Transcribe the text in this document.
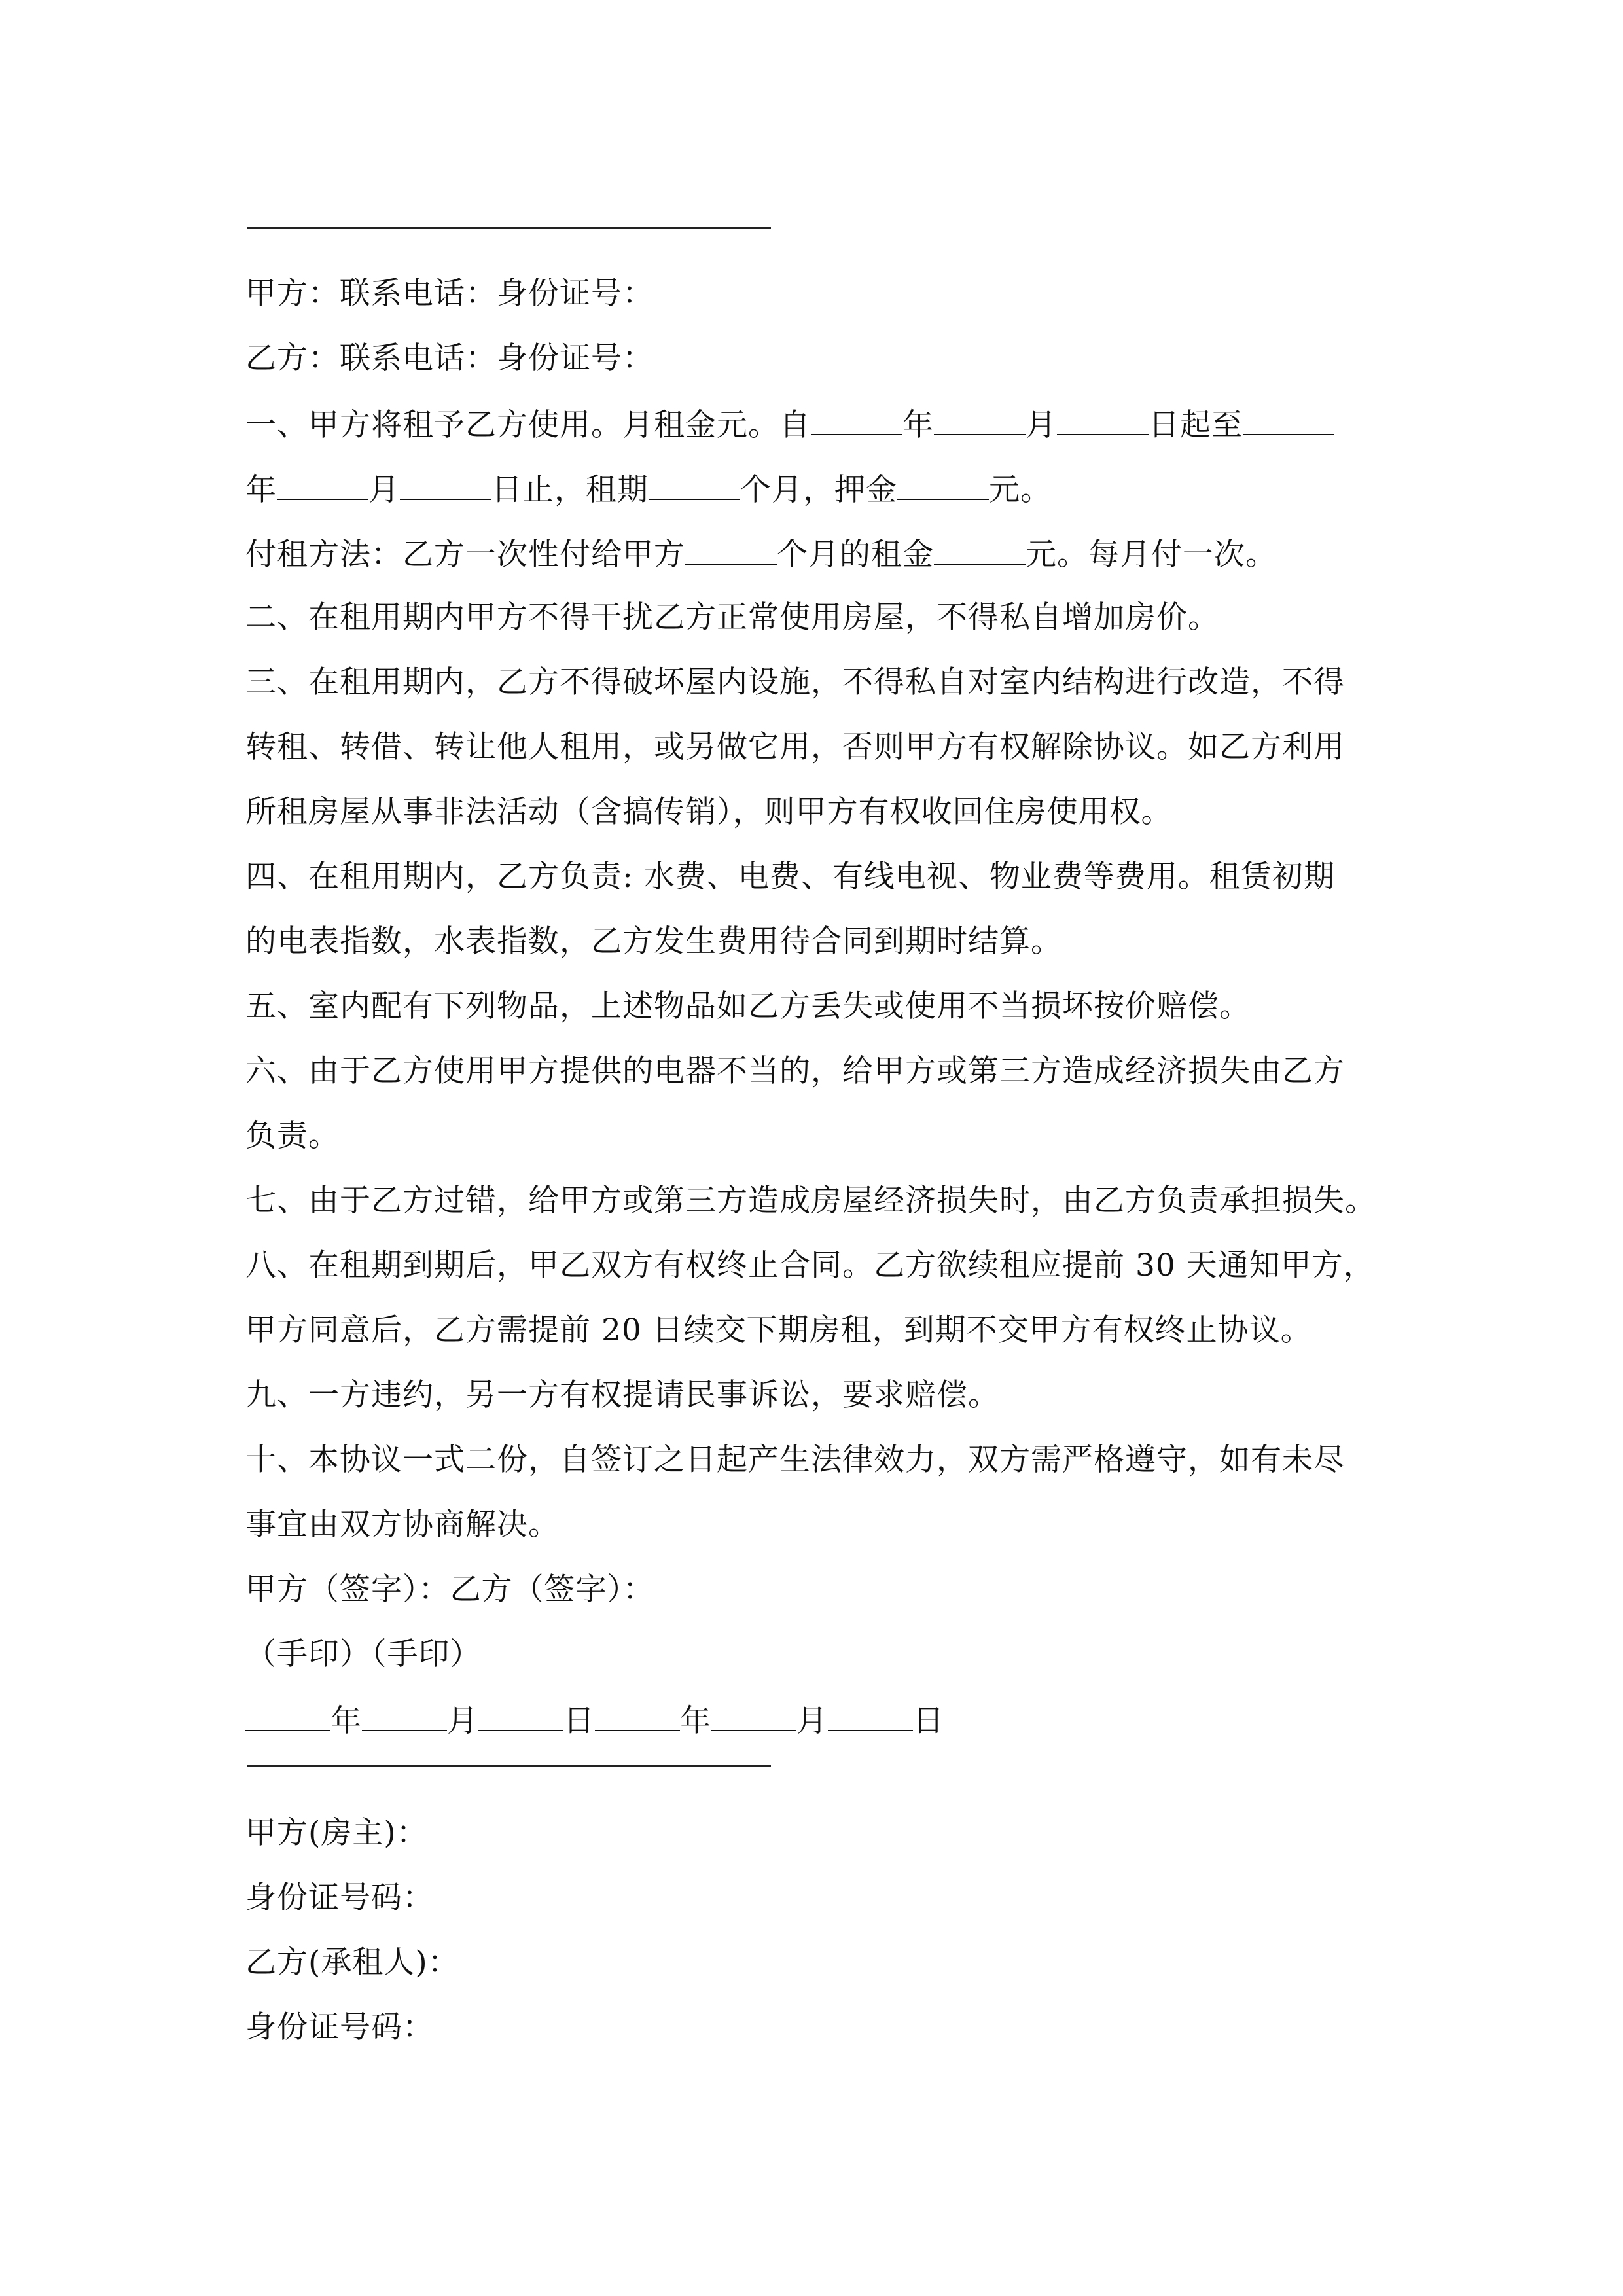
甲方：联系电话：身份证号：
乙方：联系电话：身份证号：
一、甲方将租予乙方使用。月租金元。自	年	月	日起至
年	月	日止，租期	个月，押金	元。
付租方法：乙方一次性付给甲方	个月的租金	元。每月付一次。
二、在租用期内甲方不得干扰乙方正常使用房屋，不得私自增加房价。
三、在租用期内，乙方不得破坏屋内设施，不得私自对室内结构进行改造，不得
转租、转借、转让他人租用，或另做它用，否则甲方有权解除协议。如乙方利用
所租房屋从事非法活动（含搞传销），则甲方有权收回住房使用权。
四、在租用期内，乙方负责: 水费、电费、有线电视、物业费等费用。租赁初期
的电表指数，水表指数，乙方发生费用待合同到期时结算。
五、室内配有下列物品，上述物品如乙方丢失或使用不当损坏按价赔偿。
六、由于乙方使用甲方提供的电器不当的，给甲方或第三方造成经济损失由乙方
负责。
七、由于乙方过错，给甲方或第三方造成房屋经济损失时，由乙方负责承担损失。
八、在租期到期后，甲乙双方有权终止合同。乙方欲续租应提前 30 天通知甲方，
甲方同意后，乙方需提前 20 日续交下期房租，到期不交甲方有权终止协议。
九、一方违约，另一方有权提请民事诉讼，要求赔偿。
十、本协议一式二份，自签订之日起产生法律效力，双方需严格遵守，如有未尽
事宜由双方协商解决。
甲方（签字）：乙方（签字）：
（手印）（手印）
年	月	日	年	月	日
甲方(房主)：
身份证号码：
乙方(承租人)：
身份证号码：
